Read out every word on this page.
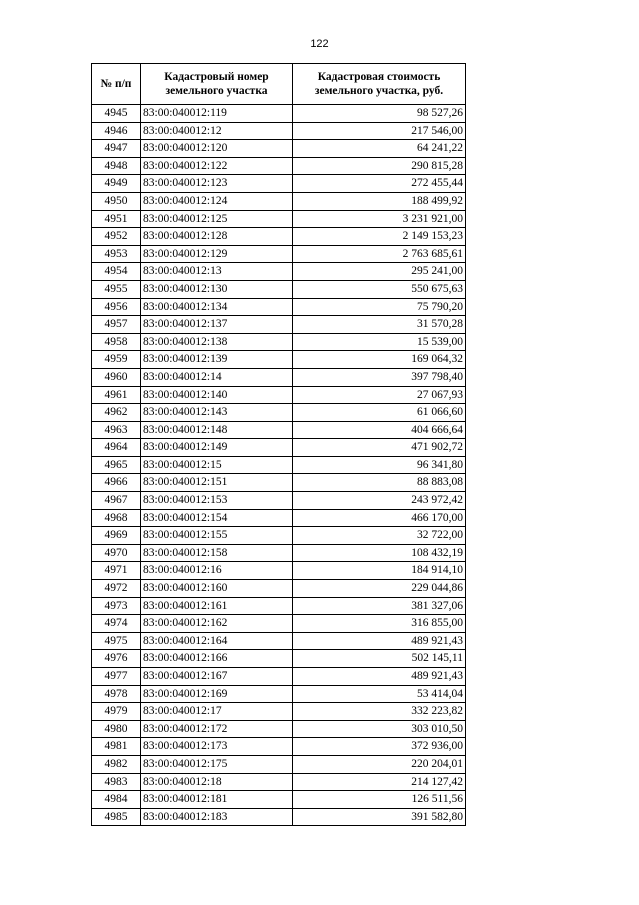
122
№ п/п	Кадастровый номер земельного участка	Кадастровая стоимость земельного участка, руб.
4945	83:00:040012:119	98 527,26
4946	83:00:040012:12	217 546,00
4947	83:00:040012:120	64 241,22
4948	83:00:040012:122	290 815,28
4949	83:00:040012:123	272 455,44
4950	83:00:040012:124	188 499,92
4951	83:00:040012:125	3 231 921,00
4952	83:00:040012:128	2 149 153,23
4953	83:00:040012:129	2 763 685,61
4954	83:00:040012:13	295 241,00
4955	83:00:040012:130	550 675,63
4956	83:00:040012:134	75 790,20
4957	83:00:040012:137	31 570,28
4958	83:00:040012:138	15 539,00
4959	83:00:040012:139	169 064,32
4960	83:00:040012:14	397 798,40
4961	83:00:040012:140	27 067,93
4962	83:00:040012:143	61 066,60
4963	83:00:040012:148	404 666,64
4964	83:00:040012:149	471 902,72
4965	83:00:040012:15	96 341,80
4966	83:00:040012:151	88 883,08
4967	83:00:040012:153	243 972,42
4968	83:00:040012:154	466 170,00
4969	83:00:040012:155	32 722,00
4970	83:00:040012:158	108 432,19
4971	83:00:040012:16	184 914,10
4972	83:00:040012:160	229 044,86
4973	83:00:040012:161	381 327,06
4974	83:00:040012:162	316 855,00
4975	83:00:040012:164	489 921,43
4976	83:00:040012:166	502 145,11
4977	83:00:040012:167	489 921,43
4978	83:00:040012:169	53 414,04
4979	83:00:040012:17	332 223,82
4980	83:00:040012:172	303 010,50
4981	83:00:040012:173	372 936,00
4982	83:00:040012:175	220 204,01
4983	83:00:040012:18	214 127,42
4984	83:00:040012:181	126 511,56
4985	83:00:040012:183	391 582,80
